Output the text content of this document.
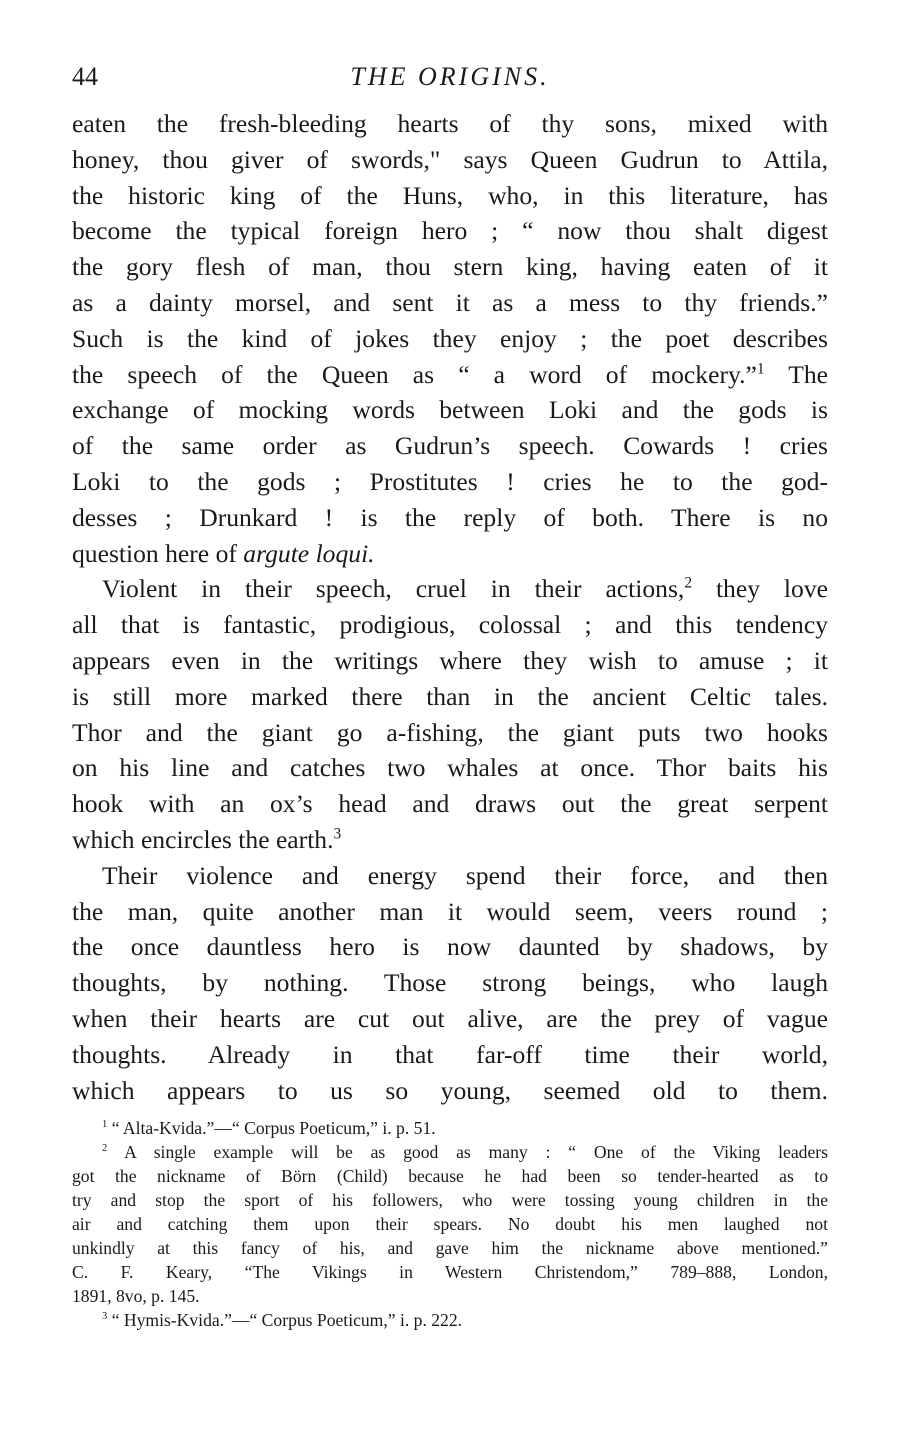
44	THE ORIGINS.
eaten the fresh-bleeding hearts of thy sons, mixed with
honey, thou giver of swords," says Queen Gudrun to Attila,
the historic king of the Huns, who, in this literature, has
become the typical foreign hero ; “ now thou shalt digest
the gory flesh of man, thou stern king, having eaten of it
as a dainty morsel, and sent it as a mess to thy friends.”
Such is the kind of jokes they enjoy ; the poet describes
the speech of the Queen as “ a word of mockery.”$^1$ The
exchange of mocking words between Loki and the gods is
of the same order as Gudrun’s speech. Cowards ! cries
Loki to the gods ; Prostitutes ! cries he to the god-
desses ; Drunkard ! is the reply of both. There is no
question here of argute loqui.
Violent in their speech, cruel in their actions,$^2$ they love
all that is fantastic, prodigious, colossal ; and this tendency
appears even in the writings where they wish to amuse ; it
is still more marked there than in the ancient Celtic tales.
Thor and the giant go a-fishing, the giant puts two hooks
on his line and catches two whales at once. Thor baits his
hook with an ox’s head and draws out the great serpent
which encircles the earth.$^3$
Their violence and energy spend their force, and then
the man, quite another man it would seem, veers round ;
the once dauntless hero is now daunted by shadows, by
thoughts, by nothing. Those strong beings, who laugh
when their hearts are cut out alive, are the prey of vague
thoughts. Already in that far-off time their world,
which appears to us so young, seemed old to them.
$^1$ “ Alta-Kvida.”—“ Corpus Poeticum,” i. p. 51.
$^2$ A single example will be as good as many : “ One of the Viking leaders
got the nickname of Börn (Child) because he had been so tender-hearted as to
try and stop the sport of his followers, who were tossing young children in the
air and catching them upon their spears. No doubt his men laughed not
unkindly at this fancy of his, and gave him the nickname above mentioned.”
C. F. Keary, “The Vikings in Western Christendom,” 789–888, London,
1891, 8vo, p. 145.
$^3$ “ Hymis-Kvida.”—“ Corpus Poeticum,” i. p. 222.
